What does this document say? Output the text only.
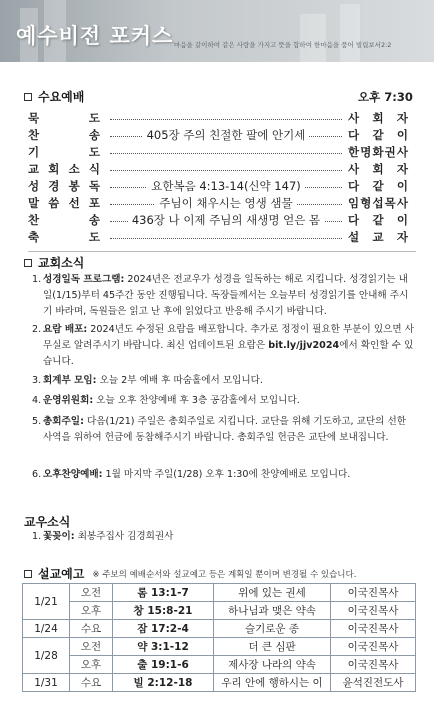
예수비전 포커스 마음을 같이하여 같은 사랑을 가지고 뜻을 합하여 한마음을 품어 빌립보서2:2
수요예배	오후 7:30
묵	도	사 회 자
찬	송	405장 주의 친절한 팔에 안기세	다 같 이
기	도	한 명 화 권 사
교 회 소 식	사 회 자
성 경 봉 독	요한복음 4:13-14(신약 147)	다 같 이
말 씀 선 포	주님이 채우시는 영생 샘물	임 형 섭 목 사
찬	송	436장 나 이제 주님의 새생명 얻은 몸	다 같 이
축	도	설 교 자
교회소식
1. 성경일독 프로그램: 2024년은 전교우가 성경을 일독하는 해로 지킵니다. 성경읽기는 내일(1/15)부터 45주간 동안 진행됩니다. 독장들께서는 오늘부터 성경읽기를 안내해 주시기 바라며, 독원들은 읽고 난 후에 읽었다고 반응해 주시기 바랍니다.
2. 요람 배포: 2024년도 수정된 요람을 배포합니다. 추가로 정정이 필요한 부분이 있으면 사무실로 알려주시기 바랍니다. 최신 업데이트된 요람은 bit.ly/jjv2024에서 확인할 수 있습니다.
3. 회계부 모임: 오늘 2부 예배 후 따숨홀에서 모입니다.
4. 운영위원회: 오늘 오후 찬양예배 후 3층 공감홀에서 모입니다.
5. 총회주일: 다음(1/21) 주일은 총회주일로 지킵니다. 교단을 위해 기도하고, 교단의 선한 사역을 위하여 헌금에 동참해주시기 바랍니다. 총회주일 헌금은 교단에 보내집니다.
6. 오후찬양예배: 1월 마지막 주일(1/28) 오후 1:30에 찬양예배로 모입니다.
교우소식
1. 꽃꽂이: 최봉주집사 김경희권사
설교예고 ※ 주보의 예배순서와 설교예고 등은 계획일 뿐이며 변경될 수 있습니다.
1/21	오전	롬 13:1-7	위에 있는 권세	이국진목사
	오후	창 15:8-21	하나님과 맺은 약속	이국진목사
1/24	수요	잠 17:2-4	슬기로운 종	이국진목사
1/28	오전	약 3:1-12	더 큰 심판	이국진목사
	오후	출 19:1-6	제사장 나라의 약속	이국진목사
1/31	수요	빌 2:12-18	우리 안에 행하시는 이	윤석진전도사
